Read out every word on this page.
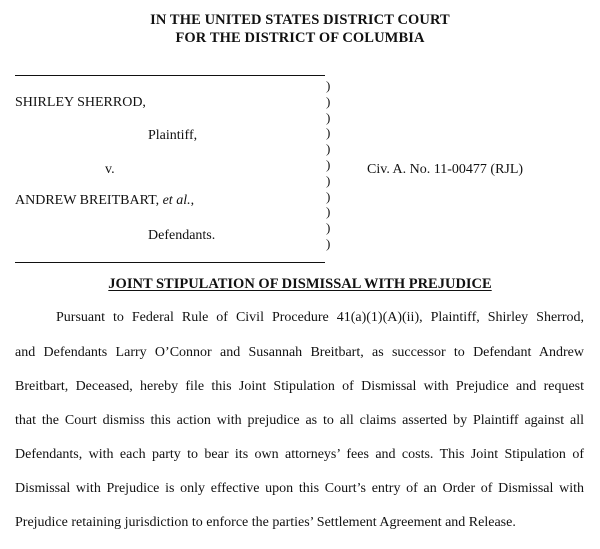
IN THE UNITED STATES DISTRICT COURT
FOR THE DISTRICT OF COLUMBIA
SHIRLEY SHERROD,
Plaintiff,
v.
ANDREW BREITBART, et al.,
Defendants.
)
)
)
)
)
)
)
)
)
)
)
Civ. A. No. 11-00477 (RJL)
JOINT STIPULATION OF DISMISSAL WITH PREJUDICE
Pursuant to Federal Rule of Civil Procedure 41(a)(1)(A)(ii), Plaintiff, Shirley Sherrod,
and Defendants Larry O’Connor and Susannah Breitbart, as successor to Defendant Andrew
Breitbart, Deceased, hereby file this Joint Stipulation of Dismissal with Prejudice and request
that the Court dismiss this action with prejudice as to all claims asserted by Plaintiff against all
Defendants, with each party to bear its own attorneys’ fees and costs. This Joint Stipulation of
Dismissal with Prejudice is only effective upon this Court’s entry of an Order of Dismissal with
Prejudice retaining jurisdiction to enforce the parties’ Settlement Agreement and Release.
